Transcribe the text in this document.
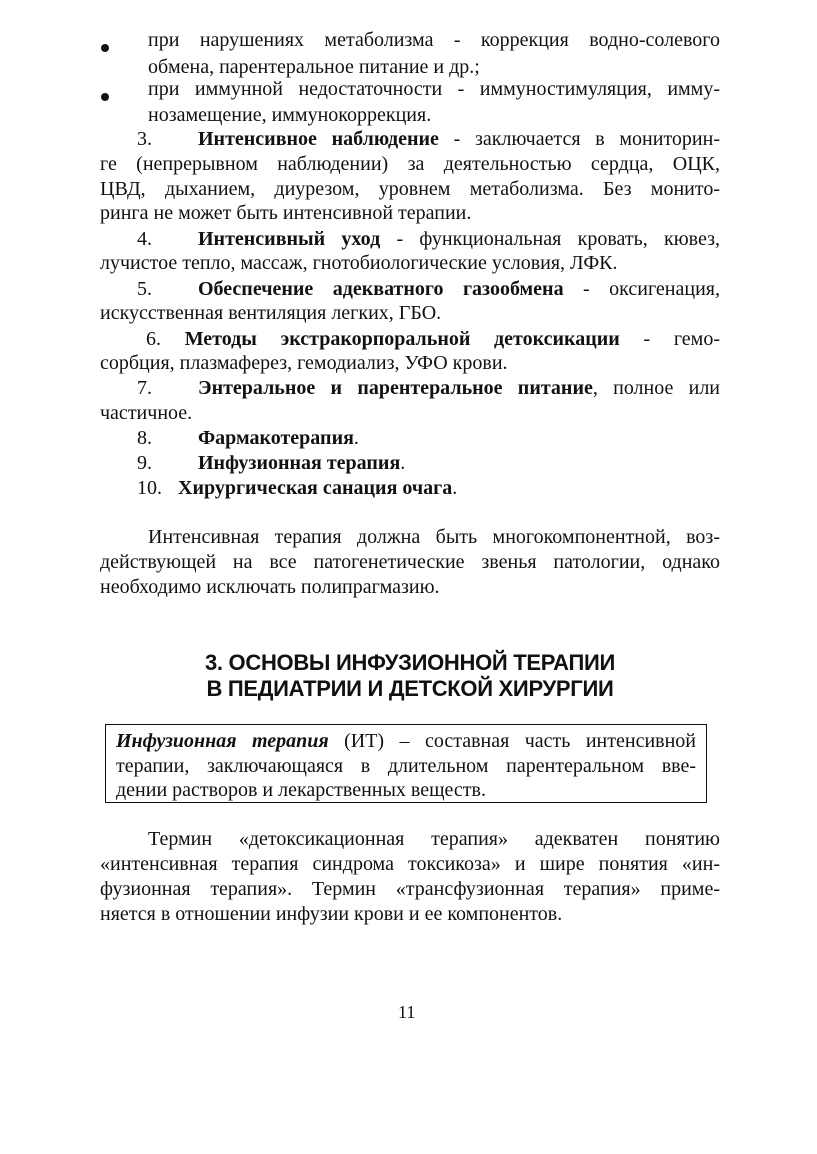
при нарушениях метаболизма - коррекция водно-солевого
обмена, парентеральное питание и др.;
при иммунной недостаточности - иммуностимуляция, имму-
нозамещение, иммунокоррекция.
3. Интенсивное наблюдение - заключается в мониторин-
ге (непрерывном наблюдении) за деятельностью сердца, ОЦК,
ЦВД, дыханием, диурезом, уровнем метаболизма. Без монито-
ринга не может быть интенсивной терапии.
4. Интенсивный уход - функциональная кровать, кювез,
лучистое тепло, массаж, гнотобиологические условия, ЛФК.
5. Обеспечение адекватного газообмена - оксигенация,
искусственная вентиляция легких, ГБО.
6. Методы экстракорпоральной детоксикации - гемо-
сорбция, плазмаферез, гемодиализ, УФО крови.
7. Энтеральное и парентеральное питание, полное или
частичное.
8. Фармакотерапия.
9. Инфузионная терапия.
10. Хирургическая санация очага.
Интенсивная терапия должна быть многокомпонентной, воз-
действующей на все патогенетические звенья патологии, однако
необходимо исключать полипрагмазию.
3. ОСНОВЫ ИНФУЗИОННОЙ ТЕРАПИИ
В ПЕДИАТРИИ И ДЕТСКОЙ ХИРУРГИИ
Инфузионная терапия (ИТ) – составная часть интенсивной
терапии, заключающаяся в длительном парентеральном вве-
дении растворов и лекарственных веществ.
Термин «детоксикационная терапия» адекватен понятию
«интенсивная терапия синдрома токсикоза» и шире понятия «ин-
фузионная терапия». Термин «трансфузионная терапия» приме-
няется в отношении инфузии крови и ее компонентов.
11
